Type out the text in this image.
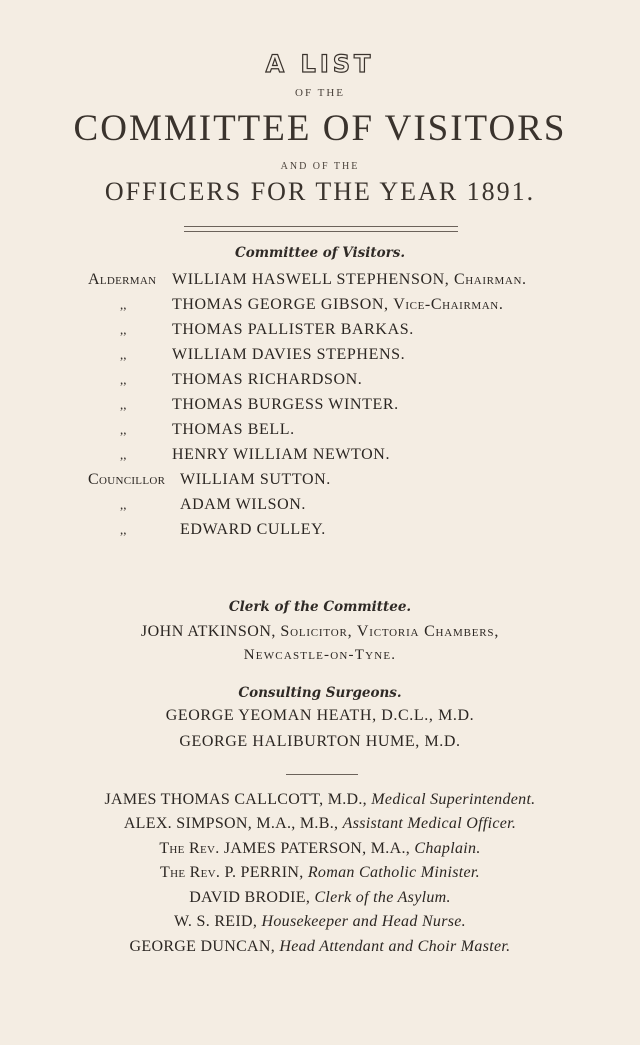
A LIST
OF THE
COMMITTEE OF VISITORS
AND OF THE
OFFICERS FOR THE YEAR 1891.
Committee of Visitors.
Alderman WILLIAM HASWELL STEPHENSON, Chairman.
,,	THOMAS GEORGE GIBSON, Vice-Chairman.
,,	THOMAS PALLISTER BARKAS.
,,	WILLIAM DAVIES STEPHENS.
,,	THOMAS RICHARDSON.
,,	THOMAS BURGESS WINTER.
,,	THOMAS BELL.
,,	HENRY WILLIAM NEWTON.
Councillor WILLIAM SUTTON.
,,	ADAM WILSON.
,,	EDWARD CULLEY.
Clerk of the Committee.
JOHN ATKINSON, Solicitor, Victoria Chambers,
Newcastle-on-Tyne.
Consulting Surgeons.
GEORGE YEOMAN HEATH, D.C.L., M.D.
GEORGE HALIBURTON HUME, M.D.
JAMES THOMAS CALLCOTT, M.D., Medical Superintendent.
ALEX. SIMPSON, M.A., M.B., Assistant Medical Officer.
The Rev. JAMES PATERSON, M.A., Chaplain.
The Rev. P. PERRIN, Roman Catholic Minister.
DAVID BRODIE, Clerk of the Asylum.
W. S. REID, Housekeeper and Head Nurse.
GEORGE DUNCAN, Head Attendant and Choir Master.
